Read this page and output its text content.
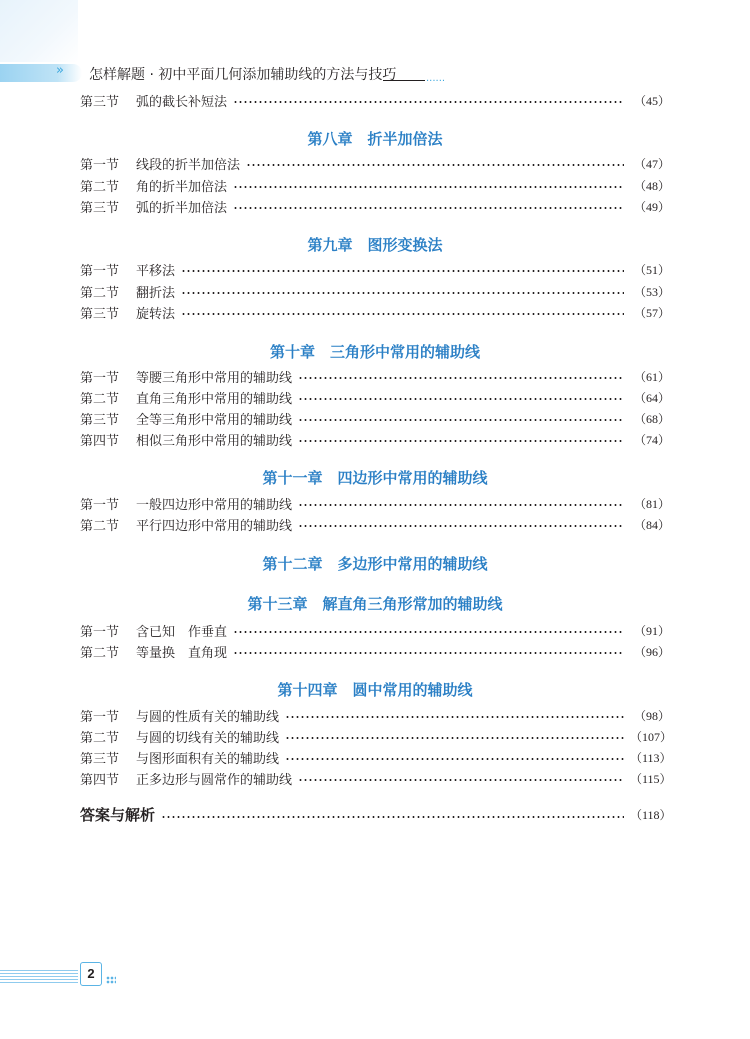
» 怎样解题 · 初中平面几何添加辅助线的方法与技巧	......
第三节	弧的截长补短法	（45）
第八章　折半加倍法
第一节	线段的折半加倍法	（47）
第二节	角的折半加倍法	（48）
第三节	弧的折半加倍法	（49）
第九章　图形变换法
第一节	平移法	（51）
第二节	翻折法	（53）
第三节	旋转法	（57）
第十章　三角形中常用的辅助线
第一节	等腰三角形中常用的辅助线	（61）
第二节	直角三角形中常用的辅助线	（64）
第三节	全等三角形中常用的辅助线	（68）
第四节	相似三角形中常用的辅助线	（74）
第十一章　四边形中常用的辅助线
第一节	一般四边形中常用的辅助线	（81）
第二节	平行四边形中常用的辅助线	（84）
第十二章　多边形中常用的辅助线
第十三章　解直角三角形常加的辅助线
第一节	含已知　作垂直	（91）
第二节	等量换　直角现	（96）
第十四章　圆中常用的辅助线
第一节	与圆的性质有关的辅助线	（98）
第二节	与圆的切线有关的辅助线	（107）
第三节	与图形面积有关的辅助线	（113）
第四节	正多边形与圆常作的辅助线	（115）
答案与解析	（118）
2
